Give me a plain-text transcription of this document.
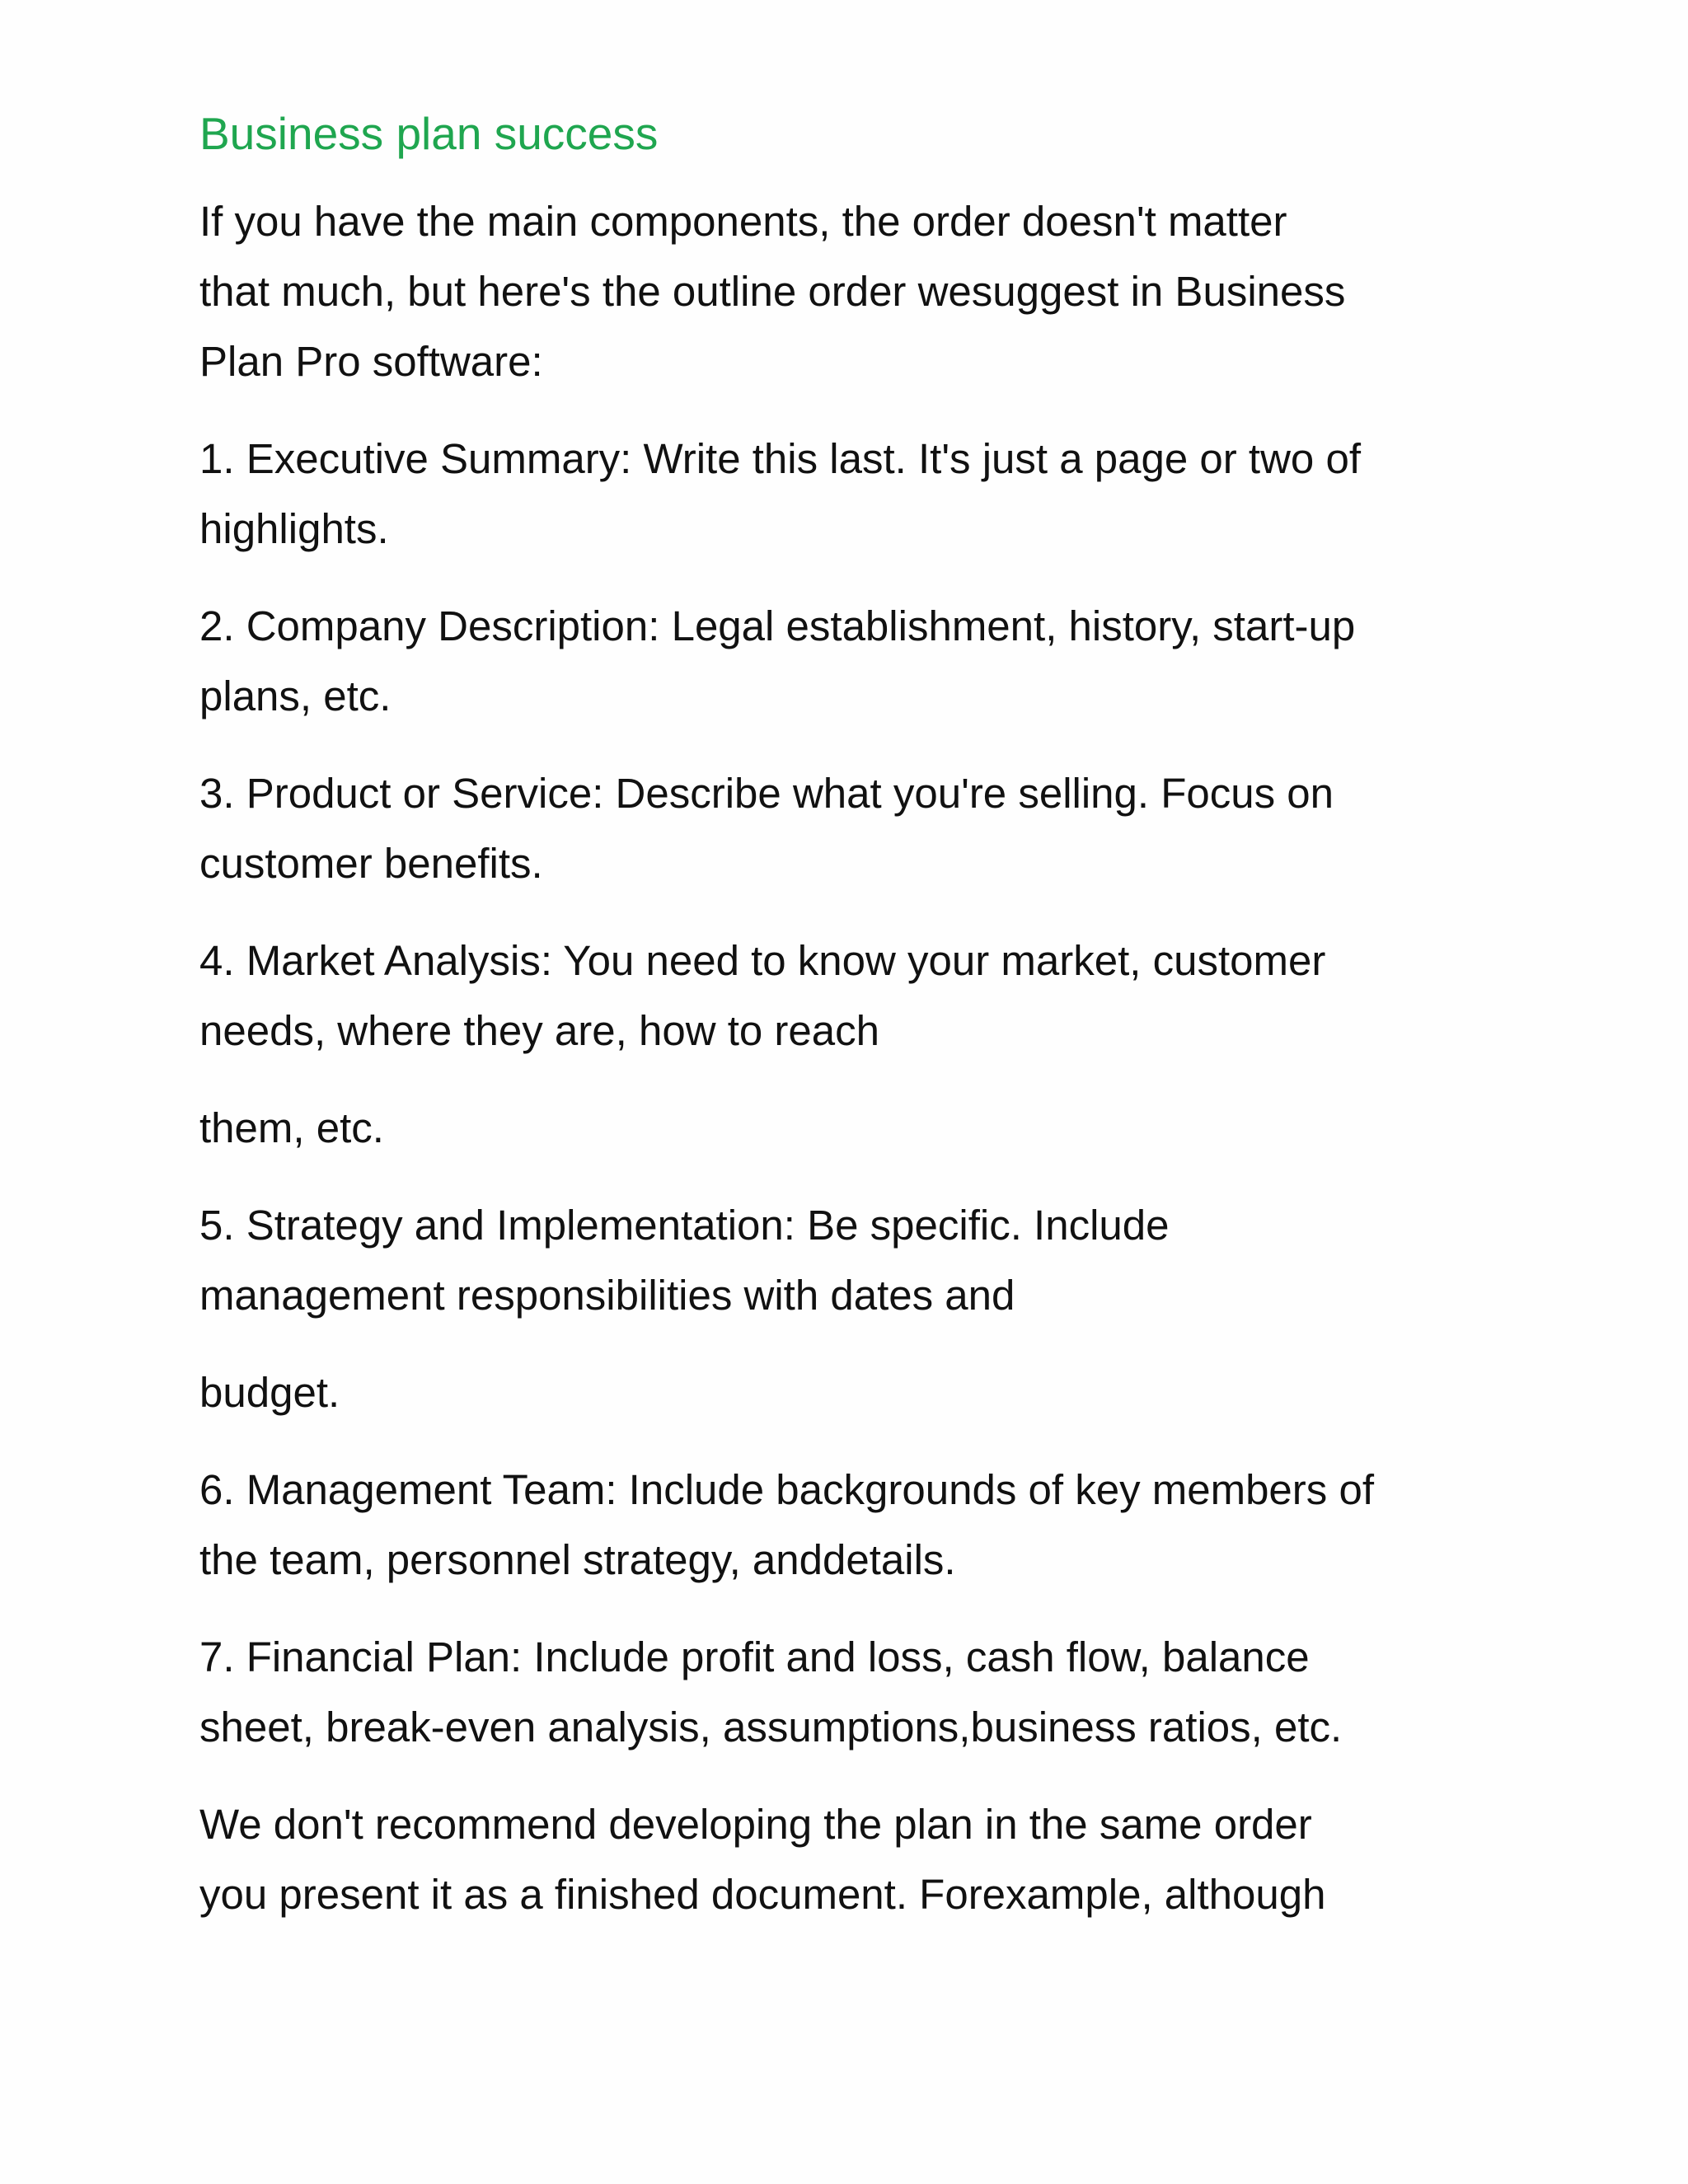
Business plan success

If you have the main components, the order doesn't matter
that much, but here's the outline order wesuggest in Business
Plan Pro software:

1. Executive Summary: Write this last. It's just a page or two of
highlights.

2. Company Description: Legal establishment, history, start-up
plans, etc.

3. Product or Service: Describe what you're selling. Focus on
customer benefits.

4. Market Analysis: You need to know your market, customer
needs, where they are, how to reach

them, etc.

5. Strategy and Implementation: Be specific. Include
management responsibilities with dates and

budget.

6. Management Team: Include backgrounds of key members of
the team, personnel strategy, anddetails.

7. Financial Plan: Include profit and loss, cash flow, balance
sheet, break-even analysis, assumptions,business ratios, etc.

We don't recommend developing the plan in the same order
you present it as a finished document. Forexample, although
